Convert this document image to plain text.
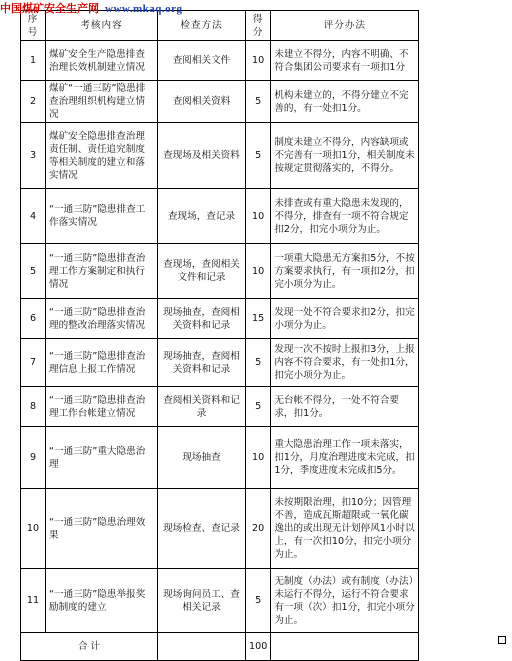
中国煤矿安全生产网 www.mkaq.org
序号	考核内容	检查方法	得分	评分办法
1	煤矿安全生产隐患排查治理长效机制建立情况	查阅相关文件	10	未建立不得分，内容不明确、不符合集团公司要求有一项扣1分
2	煤矿“一通三防”隐患排查治理组织机构建立情况	查阅相关资料	5	机构未建立的，不得分建立不完善的，有一处扣1分。
3	煤矿安全隐患排查治理责任制、责任追究制度等相关制度的建立和落实情况	查现场及相关资料	5	制度未建立不得分，内容缺项或不完善有一项扣1分，相关制度未按规定贯彻落实的，不得分。
4	“一通三防”隐患排查工作落实情况	查现场，查记录	10	未排查或有重大隐患未发现的，不得分，排查有一项不符合规定扣2分，扣完小项分为止。
5	“一通三防”隐患排查治理工作方案制定和执行情况	查现场，查阅相关文件和记录	10	一项重大隐患无方案扣5分，不按方案要求执行，有一项扣2分，扣完小项分为止。
6	“一通三防”隐患排查治理的整改治理落实情况	现场抽查，查阅相关资料和记录	15	发现一处不符合要求扣2分，扣完小项分为止。
7	“一通三防”隐患排查治理信息上报工作情况	现场抽查，查阅相关资料和记录	5	发现一次不按时上报扣3分，上报内容不符合要求，有一处扣1分，扣完小项分为止。
8	“一通三防”隐患排查治理工作台帐建立情况	查阅相关资料和记录	5	无台帐不得分，一处不符合要求，扣1分。
9	“一通三防”重大隐患治理	现场抽查	10	重大隐患治理工作一项未落实，扣1分，月度治理进度未完成，扣1分，季度进度未完成扣5分。
10	“一通三防”隐患治理效果	现场检查、查记录	20	未按期限治理，扣10分；因管理不善，造成瓦斯超限或一氧化碳逸出的或出现无计划停风1小时以上，有一次扣10分，扣完小项分为止。
11	“一通三防”隐患举报奖励制度的建立	现场询问员工、查相关记录	5	无制度（办法）或有制度（办法）未运行不得分，运行不符合要求有一项（次）扣1分，扣完小项分为止。
合 计			100	
